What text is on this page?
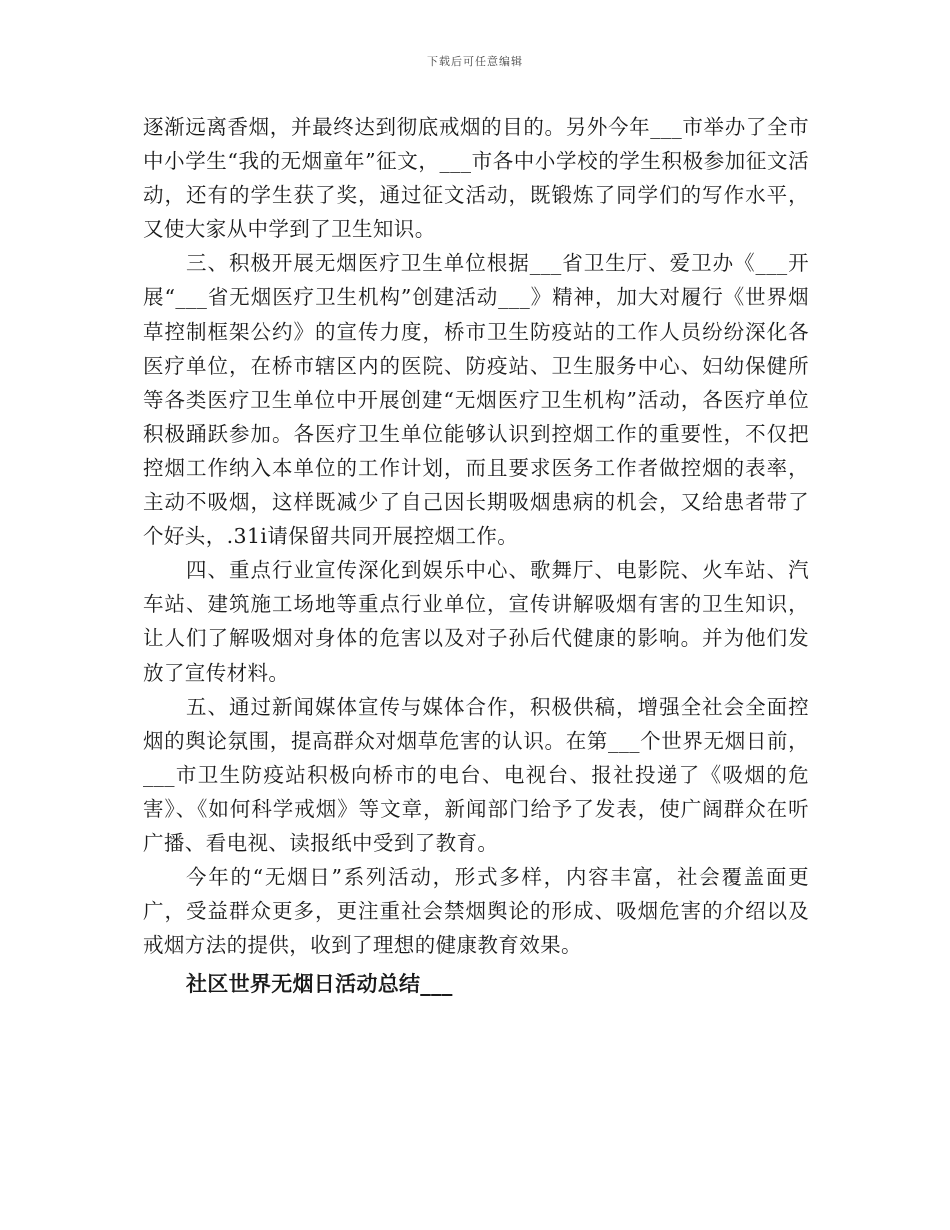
下载后可任意编辑

逐渐远离香烟，并最终达到彻底戒烟的目的。另外今年___市举办了全市中小学生“我的无烟童年”征文，___市各中小学校的学生积极参加征文活动，还有的学生获了奖，通过征文活动，既锻炼了同学们的写作水平，又使大家从中学到了卫生知识。

三、积极开展无烟医疗卫生单位根据___省卫生厅、爱卫办《___开展“___省无烟医疗卫生机构”创建活动___》精神，加大对履行《世界烟草控制框架公约》的宣传力度，桥市卫生防疫站的工作人员纷纷深化各医疗单位，在桥市辖区内的医院、防疫站、卫生服务中心、妇幼保健所等各类医疗卫生单位中开展创建“无烟医疗卫生机构”活动，各医疗单位积极踊跃参加。各医疗卫生单位能够认识到控烟工作的重要性，不仅把控烟工作纳入本单位的工作计划，而且要求医务工作者做控烟的表率，主动不吸烟，这样既减少了自己因长期吸烟患病的机会，又给患者带了个好头，.31i请保留共同开展控烟工作。

四、重点行业宣传深化到娱乐中心、歌舞厅、电影院、火车站、汽车站、建筑施工场地等重点行业单位，宣传讲解吸烟有害的卫生知识，让人们了解吸烟对身体的危害以及对子孙后代健康的影响。并为他们发放了宣传材料。

五、通过新闻媒体宣传与媒体合作，积极供稿，增强全社会全面控烟的舆论氛围，提高群众对烟草危害的认识。在第___个世界无烟日前，___市卫生防疫站积极向桥市的电台、电视台、报社投递了《吸烟的危害》、《如何科学戒烟》等文章，新闻部门给予了发表，使广阔群众在听广播、看电视、读报纸中受到了教育。

今年的“无烟日”系列活动，形式多样，内容丰富，社会覆盖面更广，受益群众更多，更注重社会禁烟舆论的形成、吸烟危害的介绍以及戒烟方法的提供，收到了理想的健康教育效果。

社区世界无烟日活动总结___
